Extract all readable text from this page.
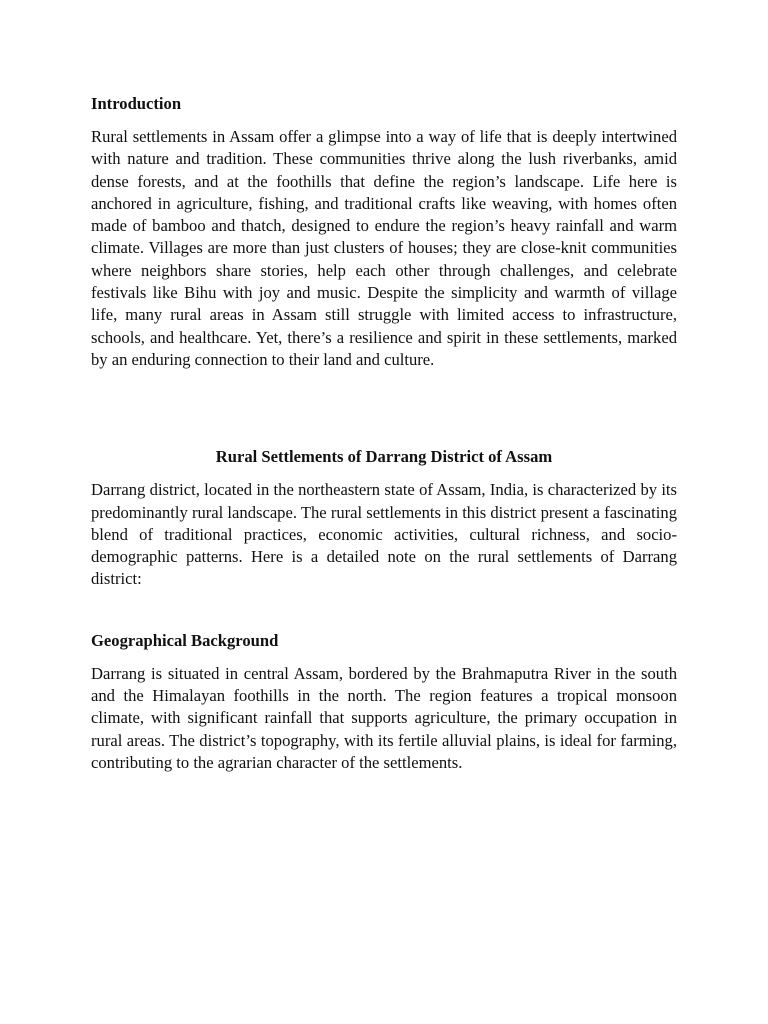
Introduction

Rural settlements in Assam offer a glimpse into a way of life that is deeply intertwined with nature and tradition. These communities thrive along the lush riverbanks, amid dense forests, and at the foothills that define the region’s landscape. Life here is anchored in agriculture, fishing, and traditional crafts like weaving, with homes often made of bamboo and thatch, designed to endure the region’s heavy rainfall and warm climate. Villages are more than just clusters of houses; they are close-knit communities where neighbors share stories, help each other through challenges, and celebrate festivals like Bihu with joy and music. Despite the simplicity and warmth of village life, many rural areas in Assam still struggle with limited access to infrastructure, schools, and healthcare. Yet, there’s a resilience and spirit in these settlements, marked by an enduring connection to their land and culture.

Rural Settlements of Darrang District of Assam

Darrang district, located in the northeastern state of Assam, India, is characterized by its predominantly rural landscape. The rural settlements in this district present a fascinating blend of traditional practices, economic activities, cultural richness, and socio-demographic patterns. Here is a detailed note on the rural settlements of Darrang district:

Geographical Background

Darrang is situated in central Assam, bordered by the Brahmaputra River in the south and the Himalayan foothills in the north. The region features a tropical monsoon climate, with significant rainfall that supports agriculture, the primary occupation in rural areas. The district’s topography, with its fertile alluvial plains, is ideal for farming, contributing to the agrarian character of the settlements.
